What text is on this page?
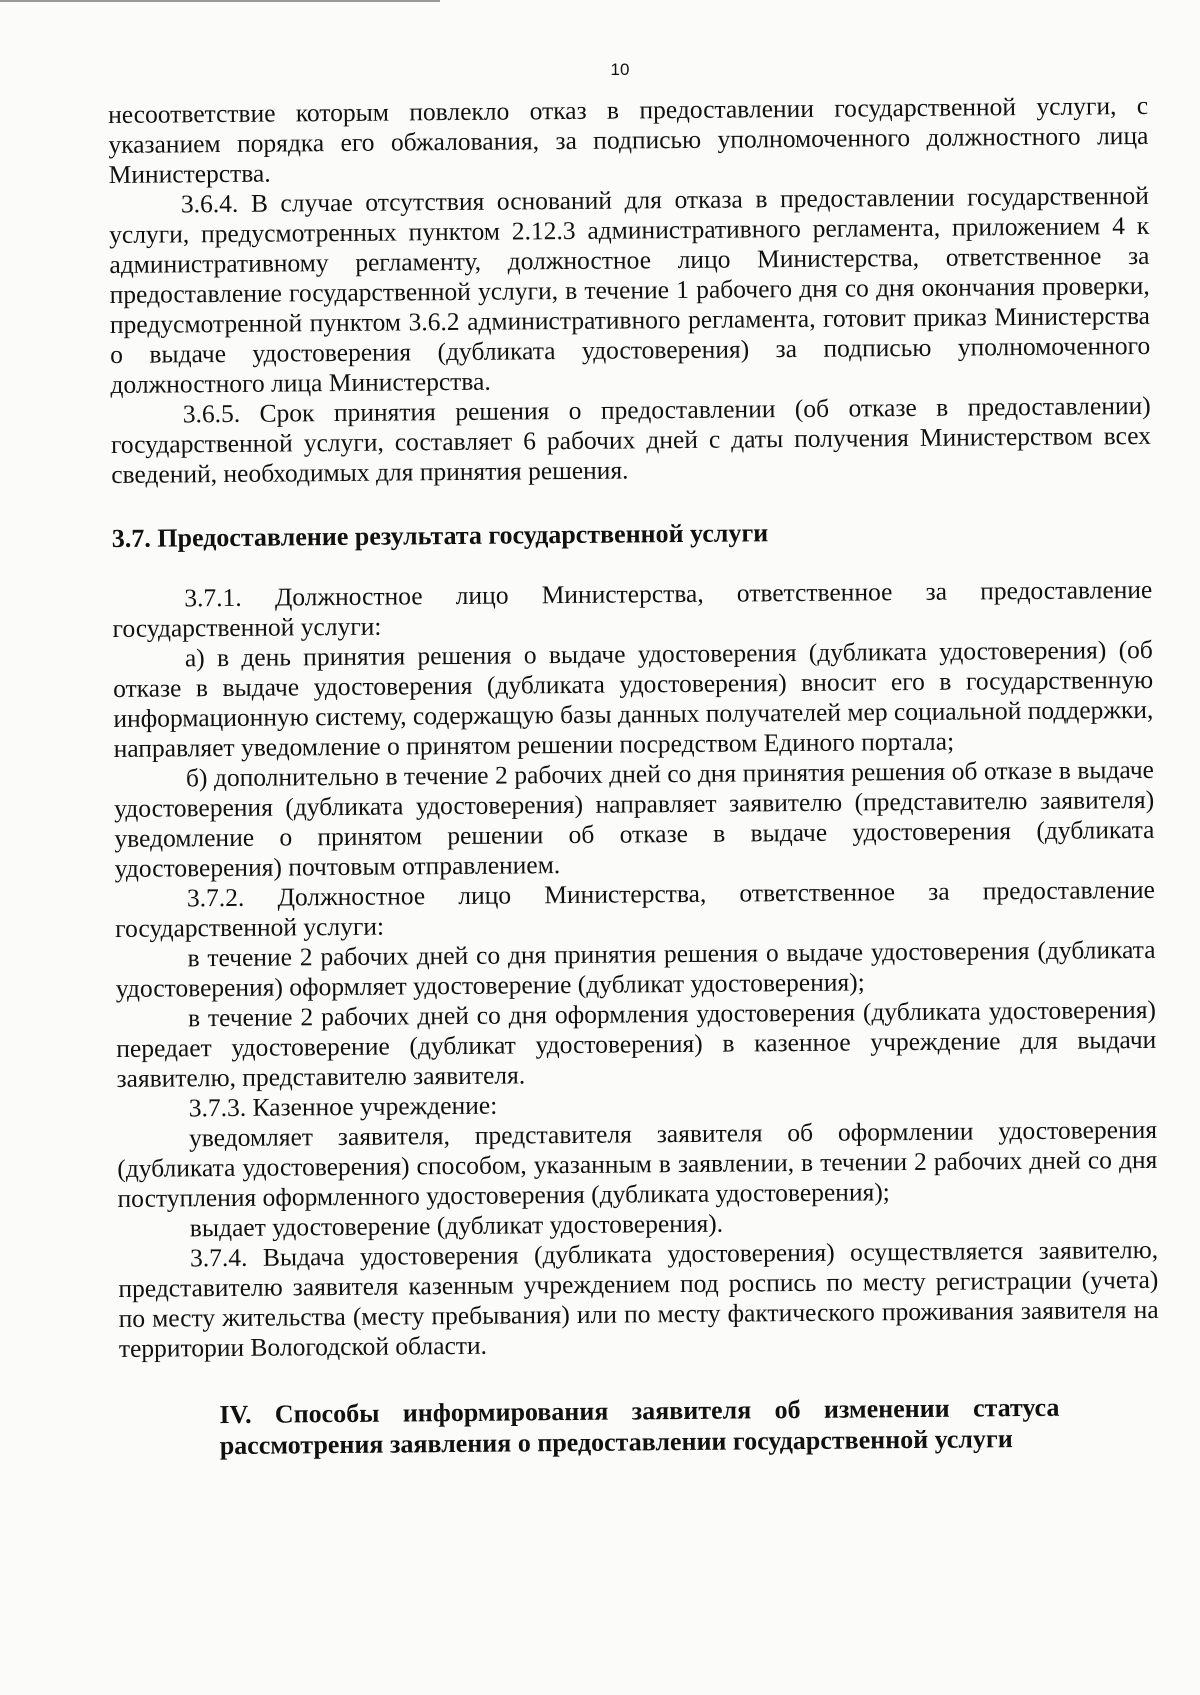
10

несоответствие которым повлекло отказ в предоставлении государственной услуги, с указанием порядка его обжалования, за подписью уполномоченного должностного лица Министерства.

3.6.4. В случае отсутствия оснований для отказа в предоставлении государственной услуги, предусмотренных пунктом 2.12.3 административного регламента, приложением 4 к административному регламенту, должностное лицо Министерства, ответственное за предоставление государственной услуги, в течение 1 рабочего дня со дня окончания проверки, предусмотренной пунктом 3.6.2 административного регламента, готовит приказ Министерства о выдаче удостоверения (дубликата удостоверения) за подписью уполномоченного должностного лица Министерства.

3.6.5. Срок принятия решения о предоставлении (об отказе в предоставлении) государственной услуги, составляет 6 рабочих дней с даты получения Министерством всех сведений, необходимых для принятия решения.

3.7. Предоставление результата государственной услуги

3.7.1. Должностное лицо Министерства, ответственное за предоставление государственной услуги:

а) в день принятия решения о выдаче удостоверения (дубликата удостоверения) (об отказе в выдаче удостоверения (дубликата удостоверения) вносит его в государственную информационную систему, содержащую базы данных получателей мер социальной поддержки, направляет уведомление о принятом решении посредством Единого портала;

б) дополнительно в течение 2 рабочих дней со дня принятия решения об отказе в выдаче удостоверения (дубликата удостоверения) направляет заявителю (представителю заявителя) уведомление о принятом решении об отказе в выдаче удостоверения (дубликата удостоверения) почтовым отправлением.

3.7.2. Должностное лицо Министерства, ответственное за предоставление государственной услуги:

в течение 2 рабочих дней со дня принятия решения о выдаче удостоверения (дубликата удостоверения) оформляет удостоверение (дубликат удостоверения);

в течение 2 рабочих дней со дня оформления удостоверения (дубликата удостоверения) передает удостоверение (дубликат удостоверения) в казенное учреждение для выдачи заявителю, представителю заявителя.

3.7.3. Казенное учреждение:

уведомляет заявителя, представителя заявителя об оформлении удостоверения (дубликата удостоверения) способом, указанным в заявлении, в течении 2 рабочих дней со дня поступления оформленного удостоверения (дубликата удостоверения);

выдает удостоверение (дубликат удостоверения).

3.7.4. Выдача удостоверения (дубликата удостоверения) осуществляется заявителю, представителю заявителя казенным учреждением под роспись по месту регистрации (учета) по месту жительства (месту пребывания) или по месту фактического проживания заявителя на территории Вологодской области.

IV. Способы информирования заявителя об изменении статуса рассмотрения заявления о предоставлении государственной услуги
